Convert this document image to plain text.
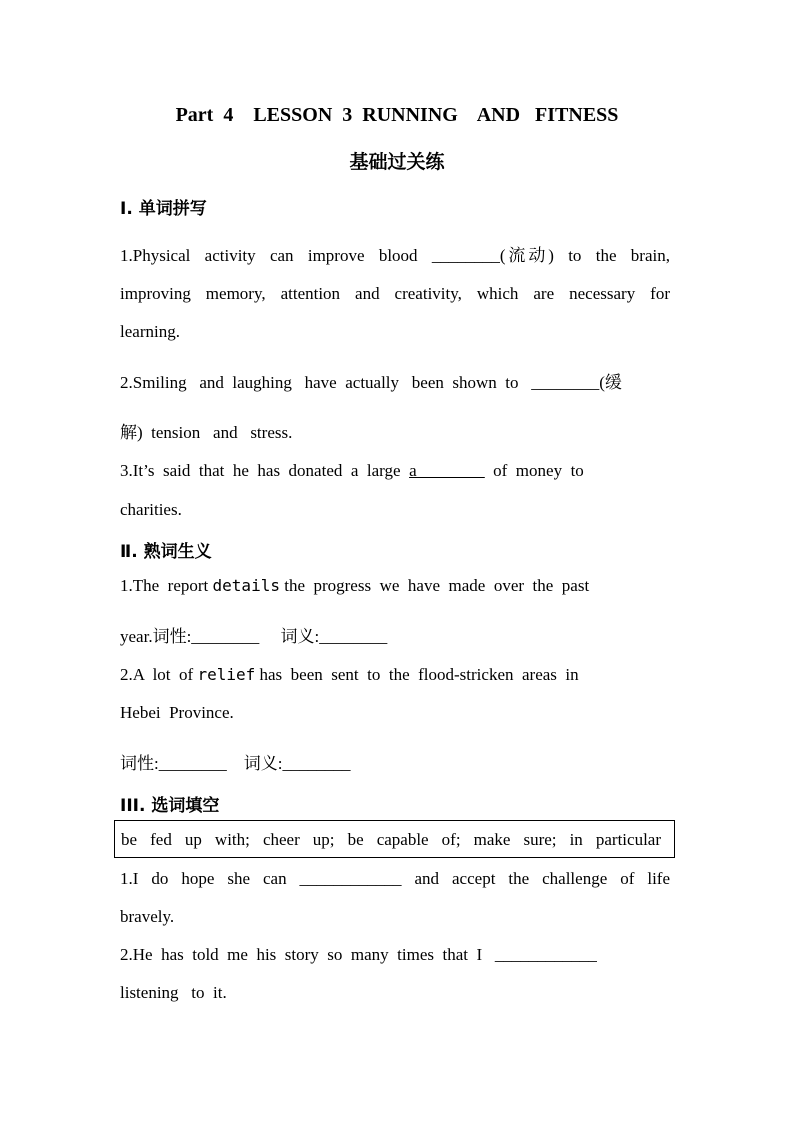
Part  4    LESSON  3  RUNNING    AND   FITNESS
基础过关练
Ⅰ. 单词拼写
1.Physical  activity  can  improve  blood  ________(流动)  to  the  brain,
improving  memory,  attention  and  creativity,  which  are  necessary  for
learning.
2.Smiling   and  laughing   have  actually   been  shown  to   ________(缓
解)  tension   and   stress.
3.It’s  said  that  he  has  donated  a  large  a________  of  money  to
charities.
Ⅱ. 熟词生义
1.The  report details the  progress  we  have  made  over  the  past
year.词性:________     词义:________
2.A  lot  of relief has  been  sent  to  the  flood-stricken  areas  in
Hebei  Province.
词性:________    词义:________
III. 选词填空
be  fed  up  with;  cheer  up;  be  capable  of;  make  sure;  in  particular
1.I  do  hope  she  can  ____________  and  accept  the  challenge  of  life
bravely.
2.He  has  told  me  his  story  so  many  times  that  I   ____________
listening   to  it.
